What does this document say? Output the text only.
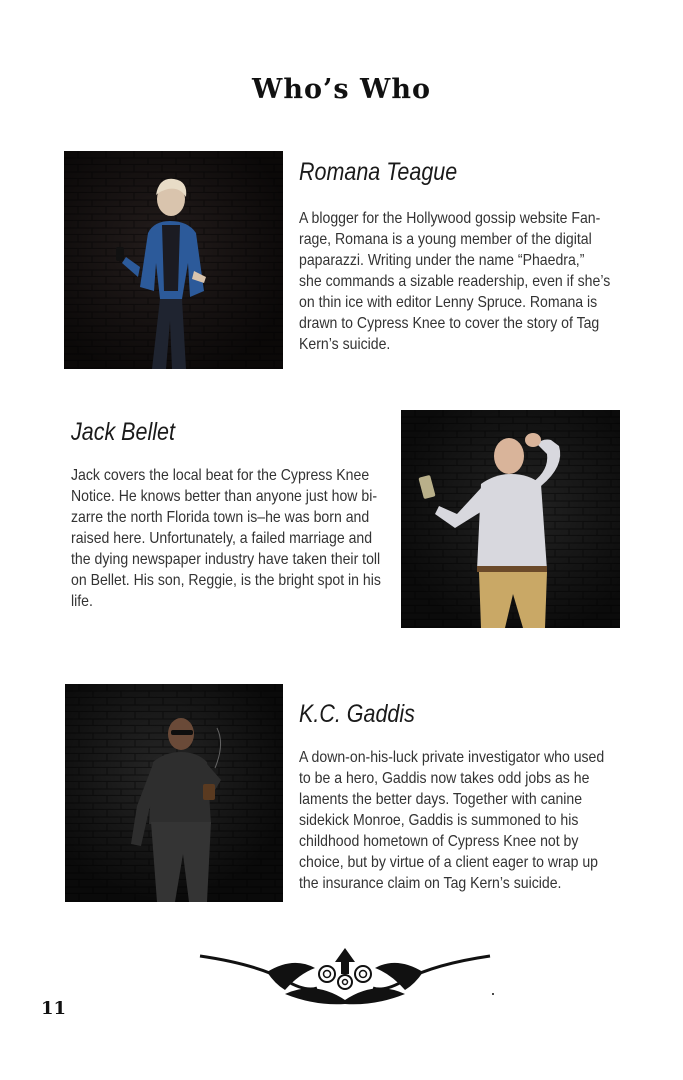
Who’s Who
Romana Teague
A blogger for the Hollywood gossip website Fan-rage, Romana is a young member of the digital paparazzi. Writing under the name “Phaedra,” she commands a sizable readership, even if she’s on thin ice with editor Lenny Spruce. Romana is drawn to Cypress Knee to cover the story of Tag Kern’s suicide.
Jack Bellet
Jack covers the local beat for the Cypress Knee Notice. He knows better than anyone just how bi-zarre the north Florida town is–he was born and raised here. Unfortunately, a failed marriage and the dying newspaper industry have taken their toll on Bellet. His son, Reggie, is the bright spot in his life.
K.C. Gaddis
A down-on-his-luck private investigator who used to be a hero, Gaddis now takes odd jobs as he laments the better days. Together with canine sidekick Monroe, Gaddis is summoned to his childhood hometown of Cypress Knee not by choice, but by virtue of a client eager to wrap up the insurance claim on Tag Kern’s suicide.
11
